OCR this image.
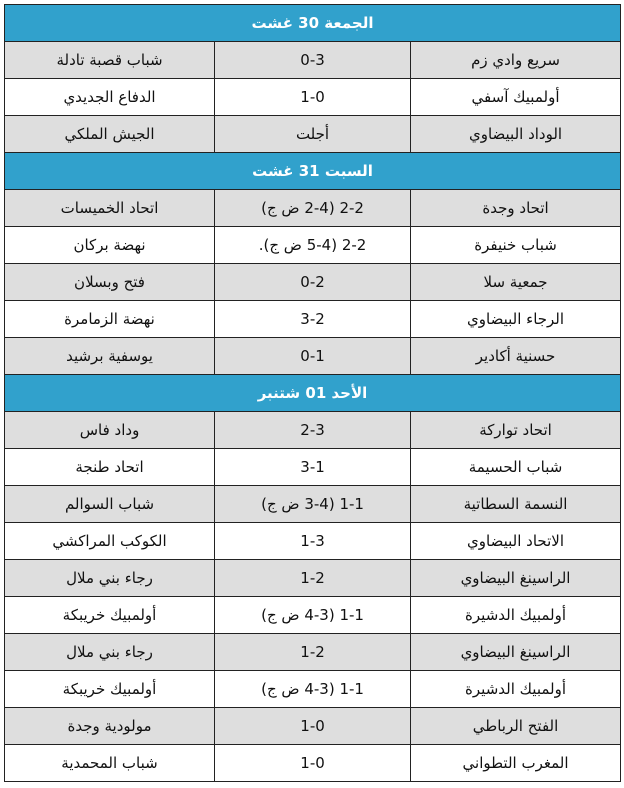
الجمعة 30 غشت		
سريع وادي زم	0-3	شباب قصبة تادلة
أولمبيك آسفي	1-0	الدفاع الجديدي
الوداد البيضاوي	أجلت	الجيش الملكي
السبت 31 غشت		
اتحاد وجدة	2-2 (2-4 ض ج)	اتحاد الخميسات
شباب خنيفرة	2-2 (5-4 ض ج).	نهضة بركان
جمعية سلا	0-2	فتح وبسلان
الرجاء البيضاوي	3-2	نهضة الزمامرة
حسنية أكادير	0-1	يوسفية برشيد
الأحد 01 شتنبر		
اتحاد تواركة	2-3	وداد فاس
شباب الحسيمة	3-1	اتحاد طنجة
النسمة السطاتية	1-1 (3-4 ض ج)	شباب السوالم
الاتحاد البيضاوي	1-3	الكوكب المراكشي
الراسينغ البيضاوي	1-2	رجاء بني ملال
أولمبيك الدشيرة	1-1 (4-3 ض ج)	أولمبيك خريبكة
الراسينغ البيضاوي	1-2	رجاء بني ملال
أولمبيك الدشيرة	1-1 (4-3 ض ج)	أولمبيك خريبكة
الفتح الرباطي	1-0	مولودية وجدة
المغرب التطواني	1-0	شباب المحمدية
